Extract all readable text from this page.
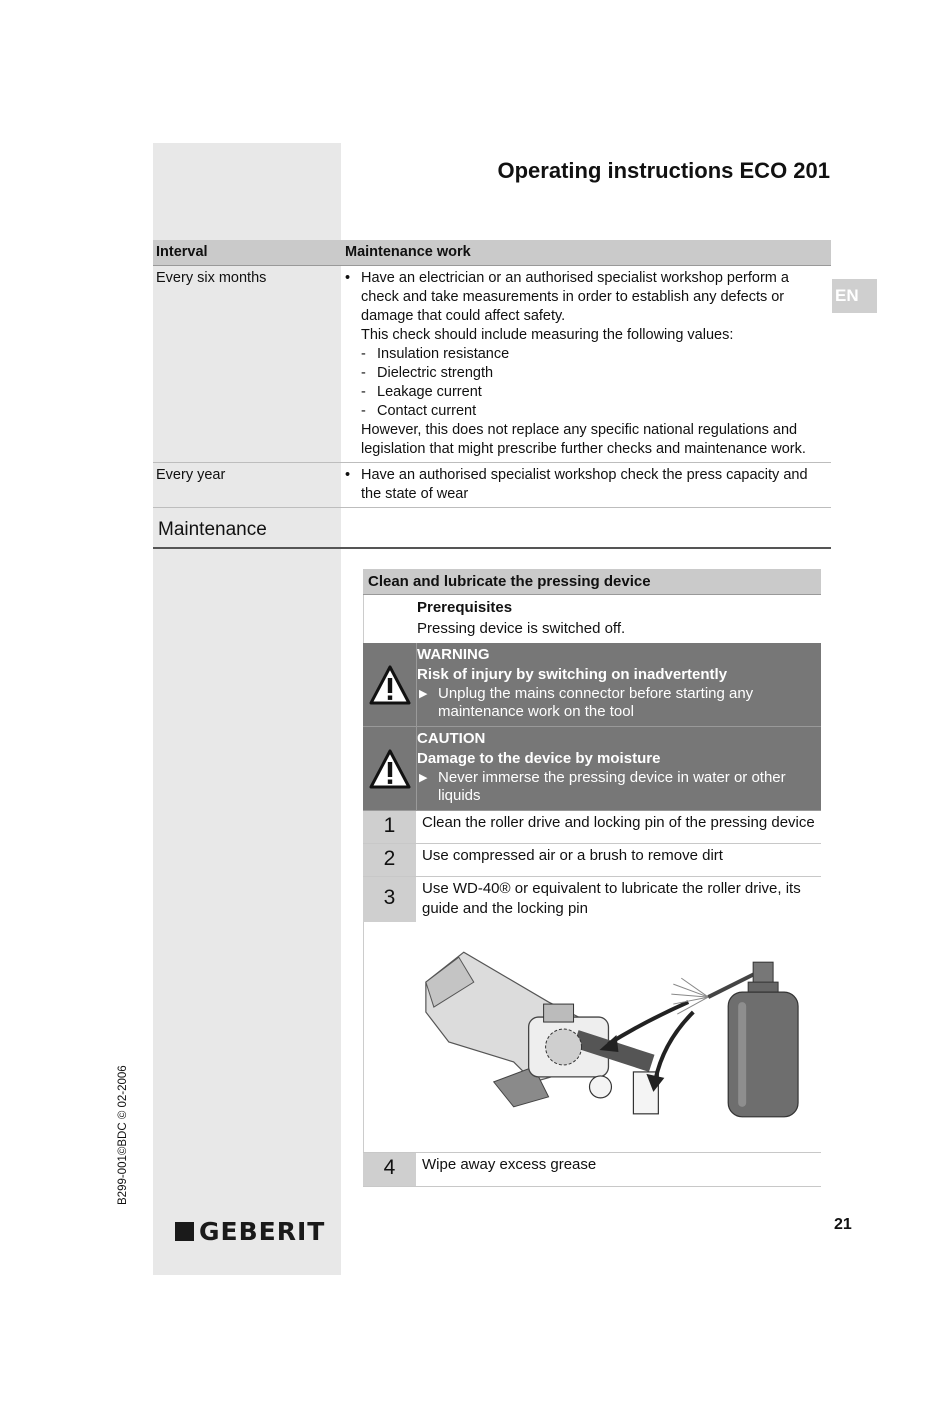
Operating instructions ECO 201
EN
Interval	Maintenance work
Every six months	• Have an electrician or an authorised specialist workshop perform a
check and take measurements in order to establish any defects or
damage that could affect safety.
This check should include measuring the following values:
- Insulation resistance
- Dielectric strength
- Leakage current
- Contact current
However, this does not replace any specific national regulations and
legislation that might prescribe further checks and maintenance work.
Every year	• Have an authorised specialist workshop check the press capacity and
the state of wear
Maintenance
Clean and lubricate the pressing device
Prerequisites
Pressing device is switched off.
WARNING
Risk of injury by switching on inadvertently
▶ Unplug the mains connector before starting any
maintenance work on the tool
CAUTION
Damage to the device by moisture
▶ Never immerse the pressing device in water or other
liquids
1	Clean the roller drive and locking pin of the pressing device
2	Use compressed air or a brush to remove dirt
3	Use WD-40® or equivalent to lubricate the roller drive, its
guide and the locking pin
4	Wipe away excess grease
B299-001©BDC © 02-2006
GEBERIT	21
